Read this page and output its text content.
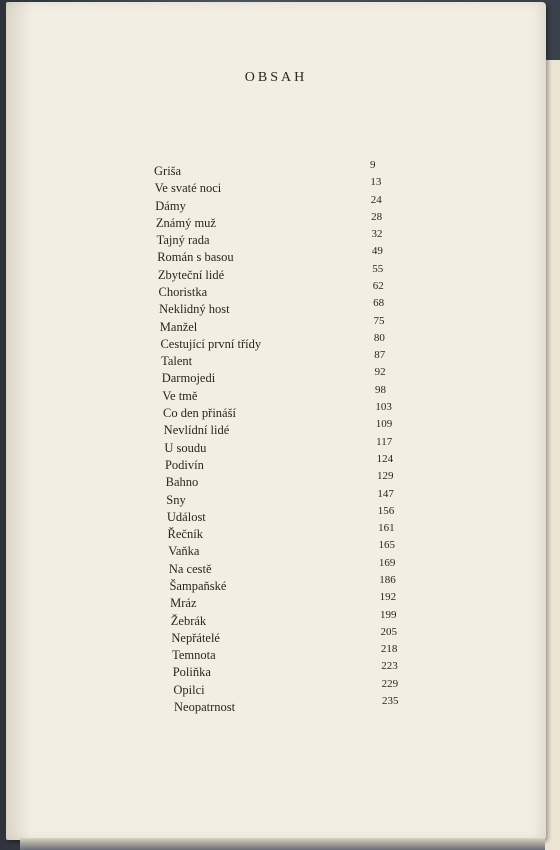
OBSAH
Griša	9
Ve svaté noci	13
Dámy	24
Známý muž	28
Tajný rada	32
Román s basou	49
Zbyteční lidé	55
Choristka	62
Neklidný host	68
Manžel	75
Cestující první třídy	80
Talent	87
Darmojedi	92
Ve tmě	98
Co den přináší	103
Nevlídní lidé	109
U soudu	117
Podivín	124
Bahno	129
Sny	147
Událost	156
Řečník	161
Vaňka	165
Na cestě	169
Šampaňské	186
Mráz	192
Žebrák	199
Nepřátelé	205
Temnota	218
Poliňka	223
Opilci	229
Neopatrnost	235
